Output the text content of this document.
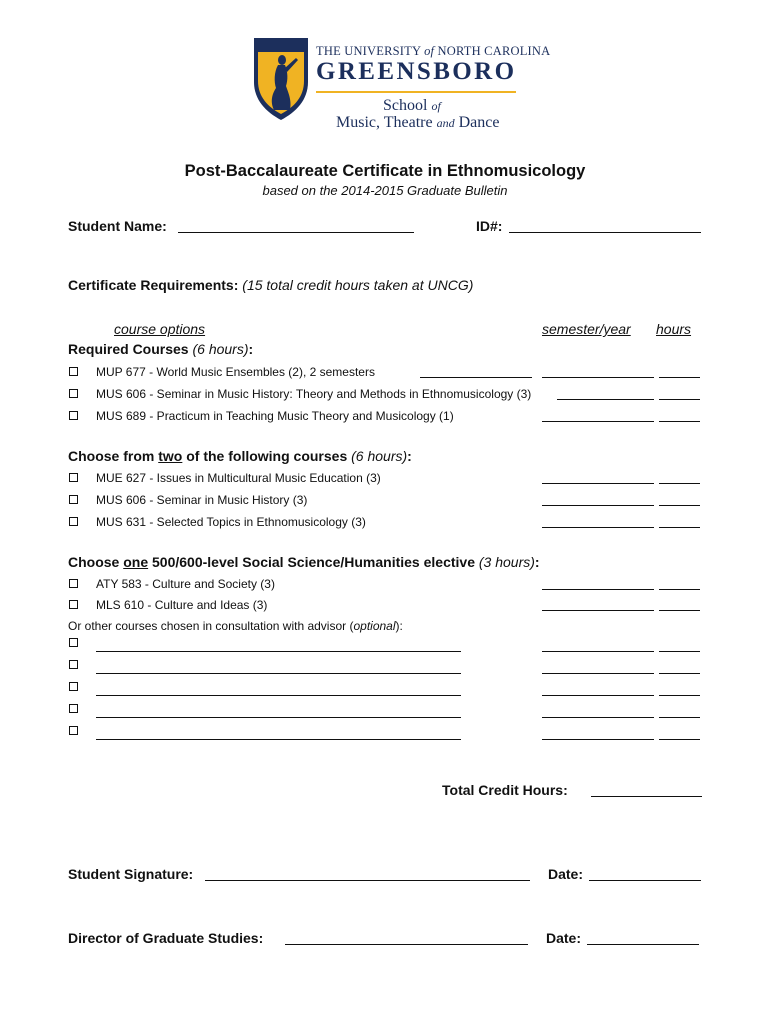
THE UNIVERSITY of NORTH CAROLINA
GREENSBORO
School of
Music, Theatre and Dance
Post-Baccalaureate Certificate in Ethnomusicology
based on the 2014-2015 Graduate Bulletin
Student Name:	ID#:
Certificate Requirements: (15 total credit hours taken at UNCG)
course options	semester/year hours
Required Courses (6 hours):
MUP 677 - World Music Ensembles (2), 2 semesters
MUS 606 - Seminar in Music History: Theory and Methods in Ethnomusicology (3)
MUS 689 - Practicum in Teaching Music Theory and Musicology (1)
Choose from two of the following courses (6 hours):
MUE 627 - Issues in Multicultural Music Education (3)
MUS 606 - Seminar in Music History (3)
MUS 631 - Selected Topics in Ethnomusicology (3)
Choose one 500/600-level Social Science/Humanities elective (3 hours):
ATY 583 - Culture and Society (3)
MLS 610 - Culture and Ideas (3)
Or other courses chosen in consultation with advisor (optional):
Total Credit Hours:
Student Signature:	Date:
Director of Graduate Studies:	Date:
